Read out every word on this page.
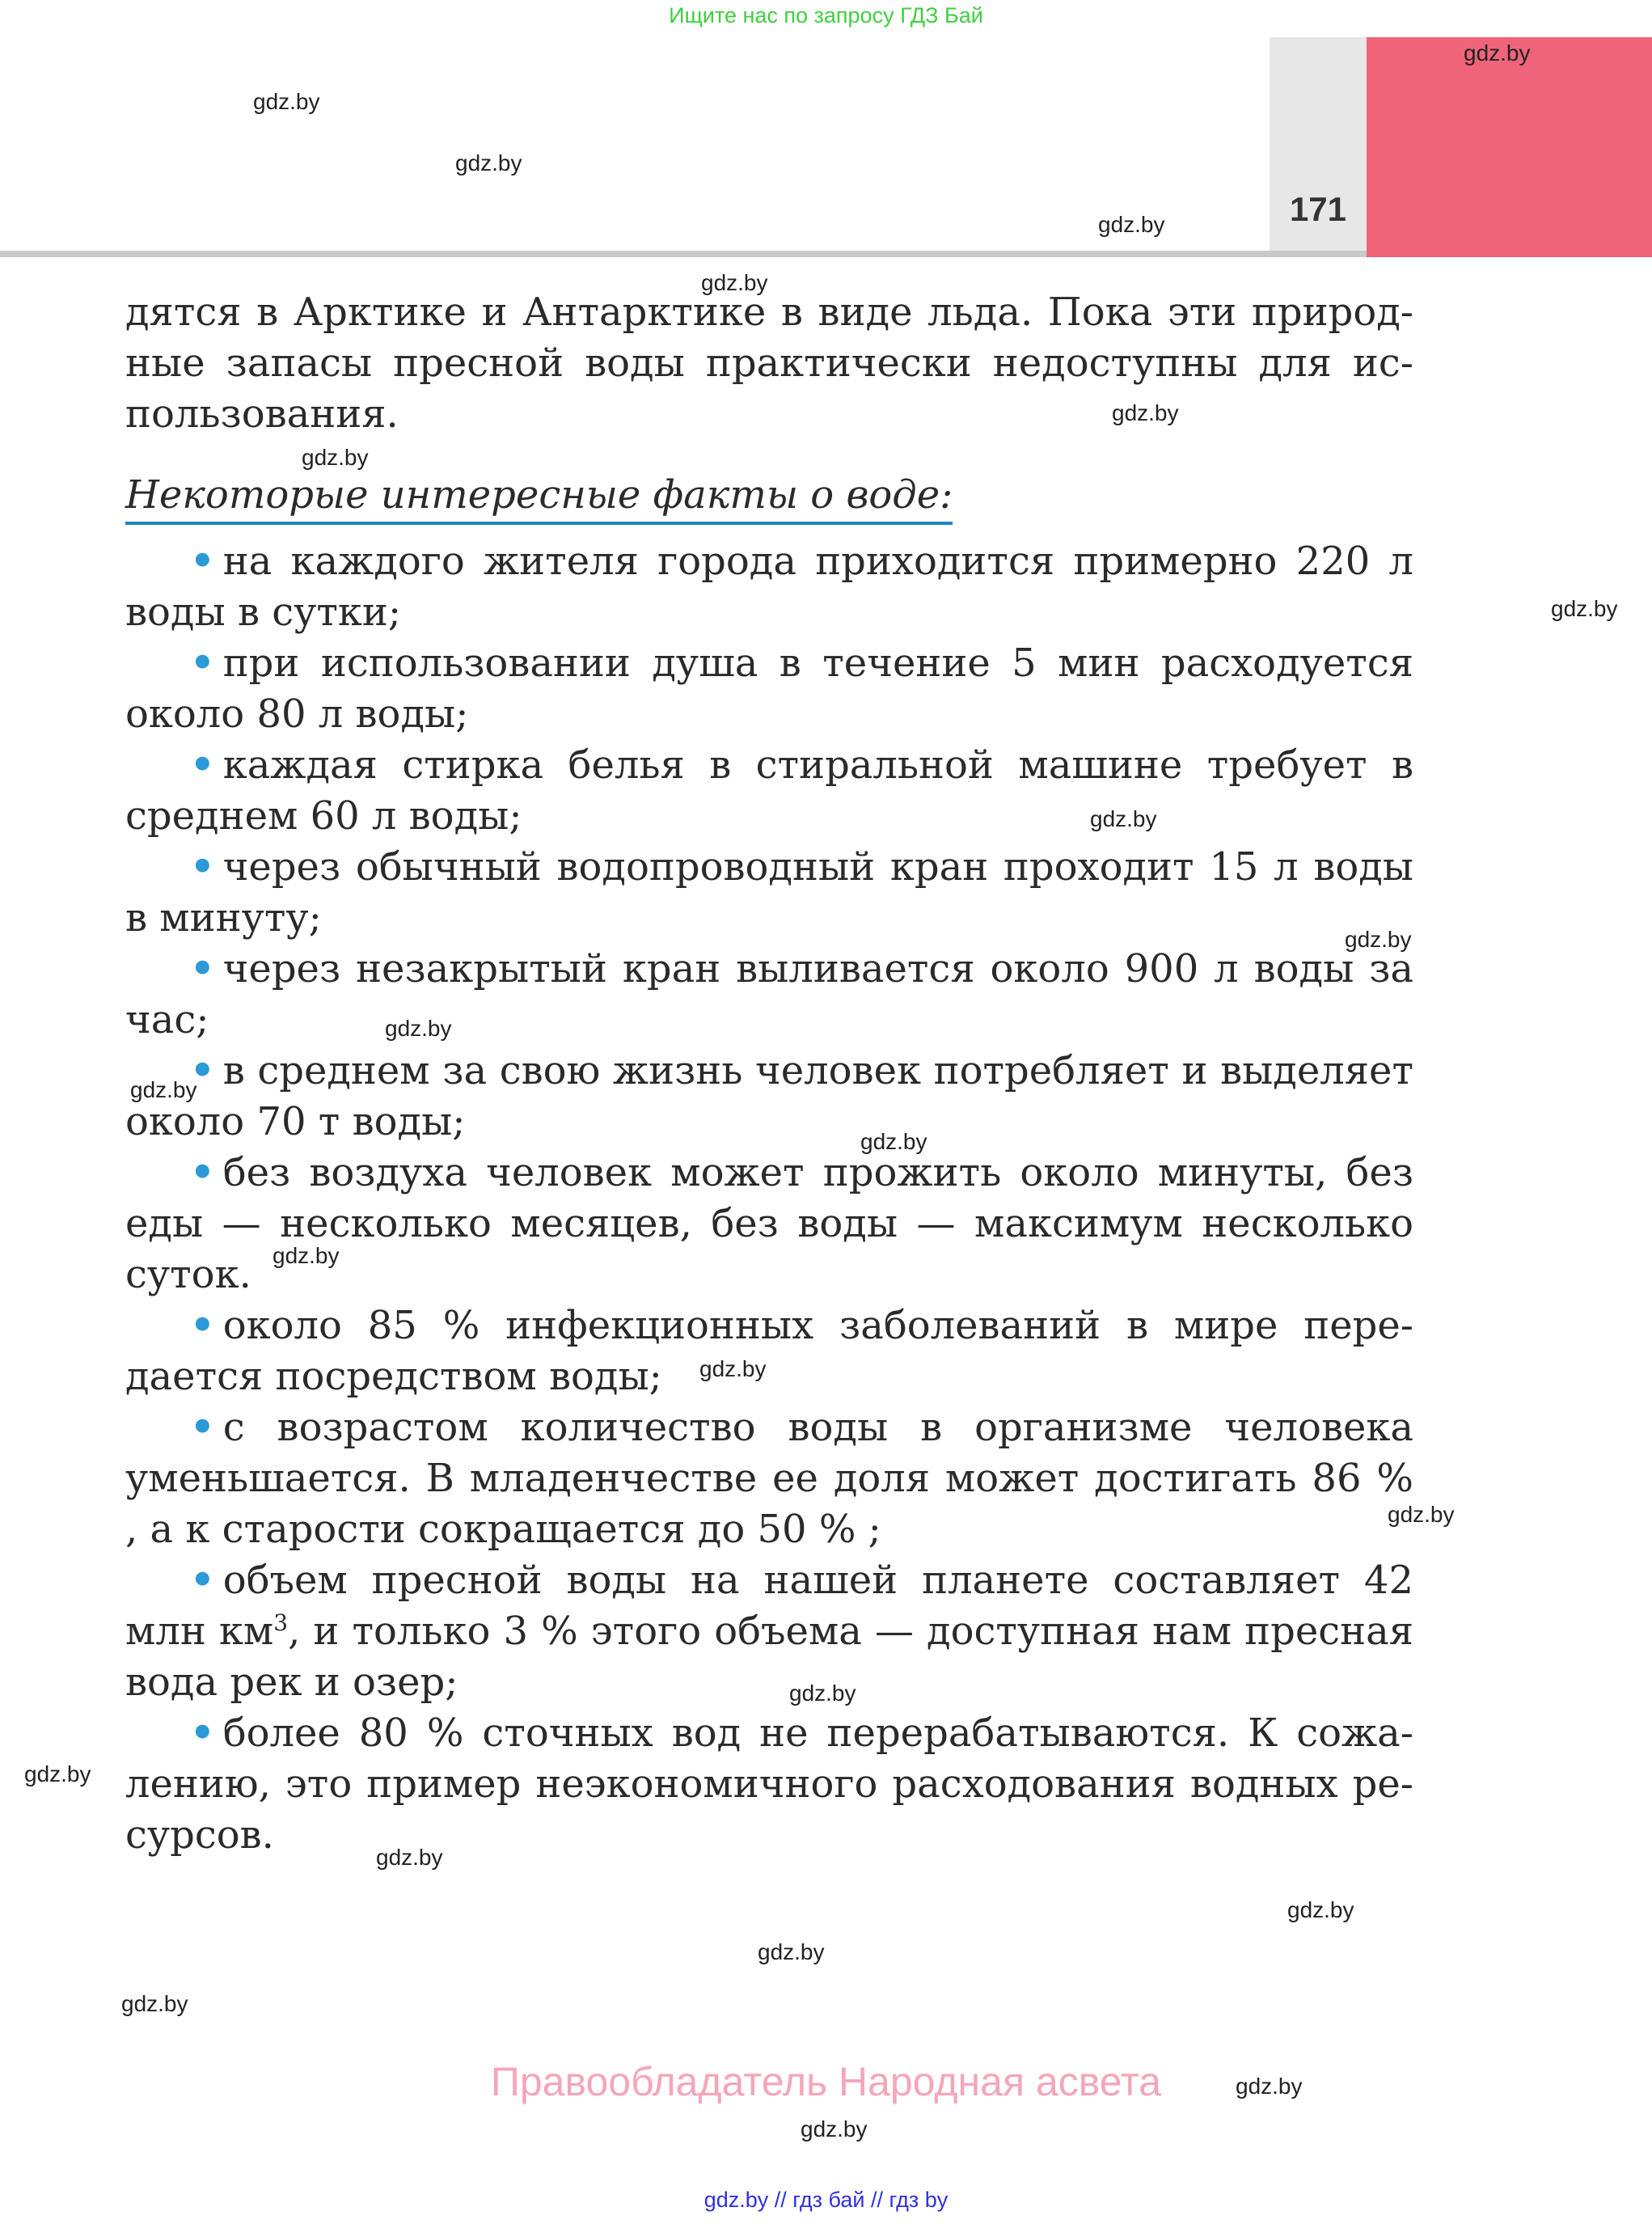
Ищите нас по запросу ГДЗ Бай
171
gdz.by
gdz.by
gdz.by
gdz.by
gdz.by
gdz.by
gdz.by
gdz.by
gdz.by
gdz.by
gdz.by
gdz.by
gdz.by
gdz.by
gdz.by
gdz.by
gdz.by
gdz.by
gdz.by
gdz.by
gdz.by
gdz.by
gdz.by
gdz.by
дятся в Арктике и Антарктике в виде льда. Пока эти природные запасы пресной воды практически недоступны для использования.
Некоторые интересные факты о воде:
• на каждого жителя города приходится примерно 220 л воды в сутки;
• при использовании душа в течение 5 мин расходуется около 80 л воды;
• каждая стирка белья в стиральной машине требует в среднем 60 л воды;
• через обычный водопроводный кран проходит 15 л воды в минуту;
• через незакрытый кран выливается около 900 л воды за час;
• в среднем за свою жизнь человек потребляет и выделяет около 70 т воды;
• без воздуха человек может прожить около минуты, без еды — несколько месяцев, без воды — максимум несколько суток.
• около 85 % инфекционных заболеваний в мире передается посредством воды;
• с возрастом количество воды в организме человека уменьшается. В младенчестве ее доля может достигать 86 % , а к старости сокращается до 50 % ;
• объем пресной воды на нашей планете составляет 42 млн $км^3$, и только 3 % этого объема — доступная нам пресная вода рек и озер;
• более 80 % сточных вод не перерабатываются. К сожалению, это пример неэкономичного расходования водных ресурсов.
Правообладатель Народная асвета
gdz.by // гдз бай // гдз by
